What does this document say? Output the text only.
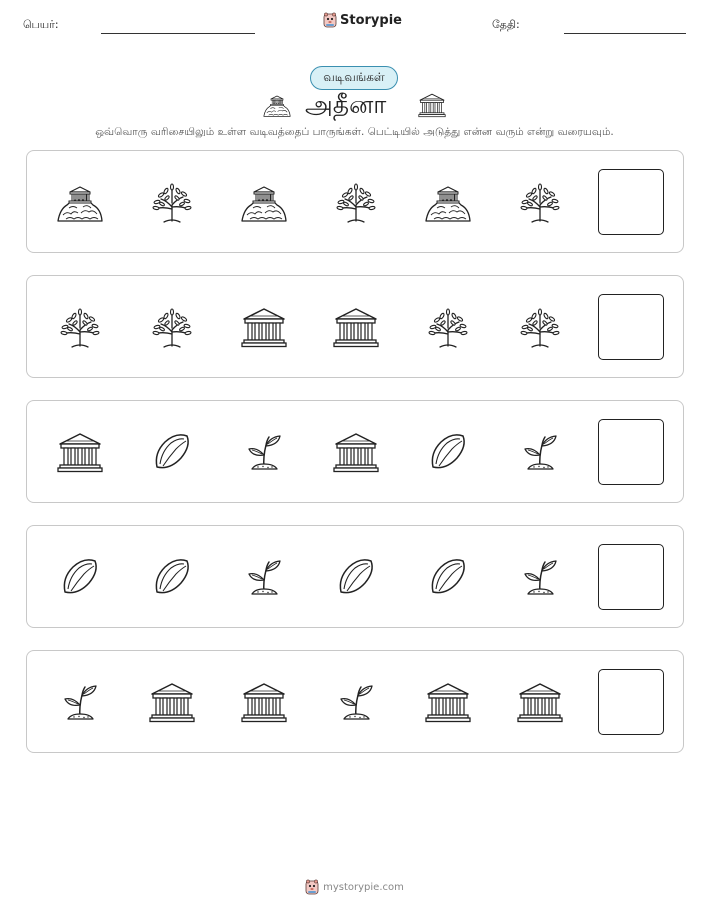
பெயர்:	Storypie	தேதி:
வடிவங்கள்
அதீனா
ஒவ்வொரு வரிசையிலும் உள்ள வடிவத்தைப் பாருங்கள். பெட்டியில் அடுத்து என்ன வரும் என்று வரையவும்.
mystorypie.com
